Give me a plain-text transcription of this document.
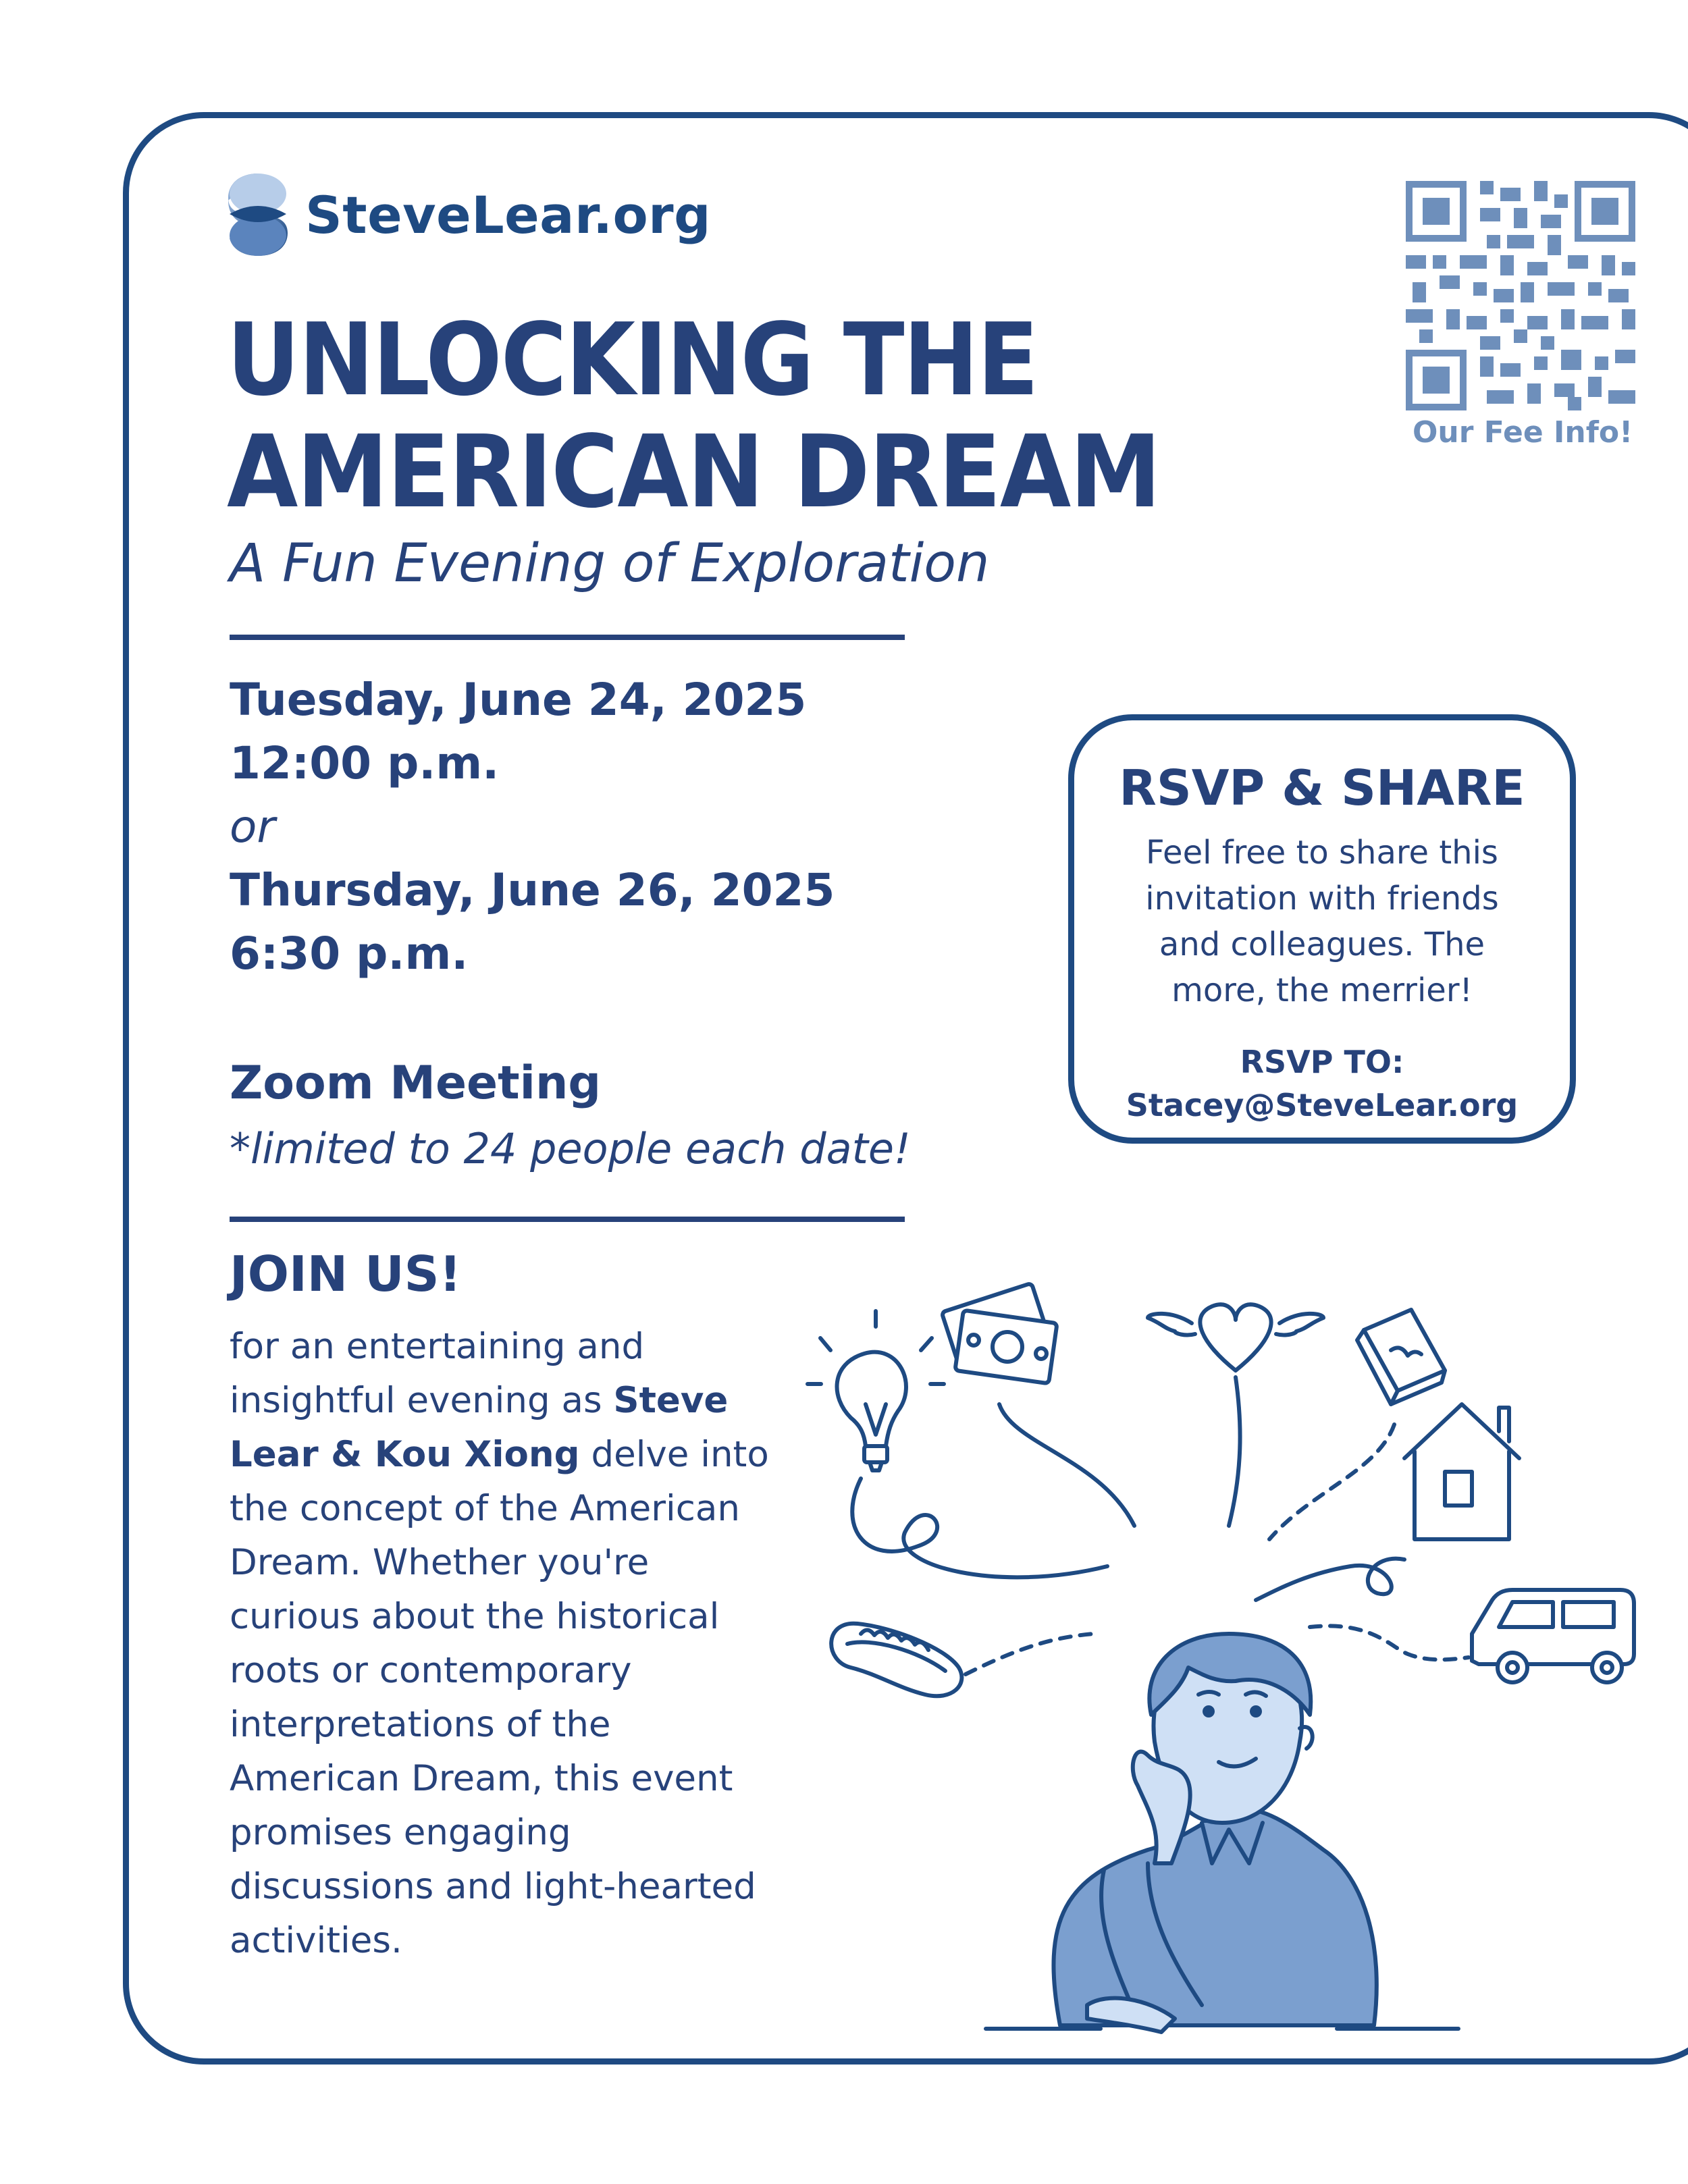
SteveLear.org
UNLOCKING THE
AMERICAN DREAM
A Fun Evening of Exploration
Tuesday, June 24, 2025
12:00 p.m.
or
Thursday, June 26, 2025
6:30 p.m.
Zoom Meeting
*limited to 24 people each date!
JOIN US!
for an entertaining and insightful evening as Steve Lear & Kou Xiong delve into the concept of the American Dream. Whether you're curious about the historical roots or contemporary interpretations of the American Dream, this event promises engaging discussions and light-hearted activities.
Our Fee Info!
RSVP & SHARE
Feel free to share this invitation with friends and colleagues. The more, the merrier!
RSVP TO:
Stacey@SteveLear.org
